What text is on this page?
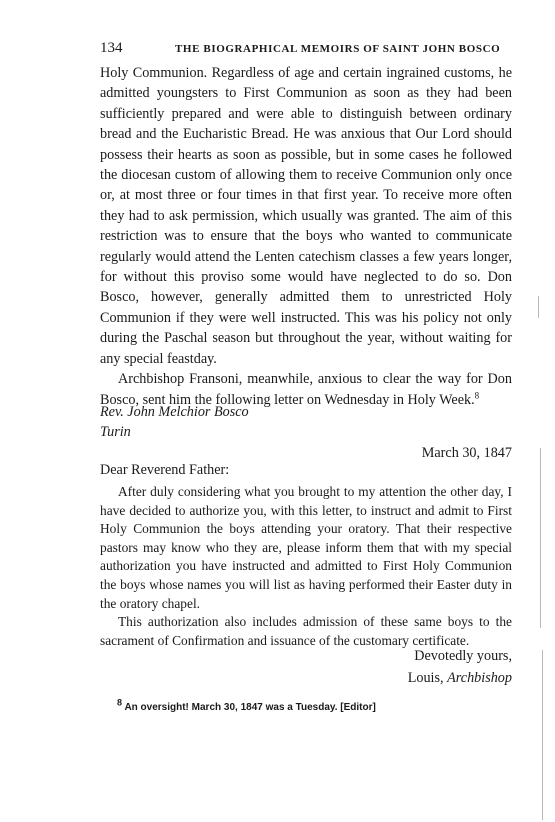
134	THE BIOGRAPHICAL MEMOIRS OF SAINT JOHN BOSCO

Holy Communion. Regardless of age and certain ingrained customs, he admitted youngsters to First Communion as soon as they had been sufficiently prepared and were able to distinguish between ordinary bread and the Eucharistic Bread. He was anxious that Our Lord should possess their hearts as soon as possible, but in some cases he followed the diocesan custom of allowing them to receive Communion only once or, at most three or four times in that first year. To receive more often they had to ask permission, which usually was granted. The aim of this restriction was to ensure that the boys who wanted to communicate regularly would attend the Lenten catechism classes a few years longer, for without this proviso some would have neglected to do so. Don Bosco, however, generally admitted them to unrestricted Holy Communion if they were well instructed. This was his policy not only during the Paschal season but throughout the year, without waiting for any special feastday.

Archbishop Fransoni, meanwhile, anxious to clear the way for Don Bosco, sent him the following letter on Wednesday in Holy Week.$^8$

Rev. John Melchior Bosco
Turin
March 30, 1847
Dear Reverend Father:

After duly considering what you brought to my attention the other day, I have decided to authorize you, with this letter, to instruct and admit to First Holy Communion the boys attending your oratory. That their respective pastors may know who they are, please inform them that with my special authorization you have instructed and admitted to First Holy Communion the boys whose names you will list as having performed their Easter duty in the oratory chapel.

This authorization also includes admission of these same boys to the sacrament of Confirmation and issuance of the customary certificate.

Devotedly yours,
Louis, Archbishop
8 An oversight! March 30, 1847 was a Tuesday. [Editor]
